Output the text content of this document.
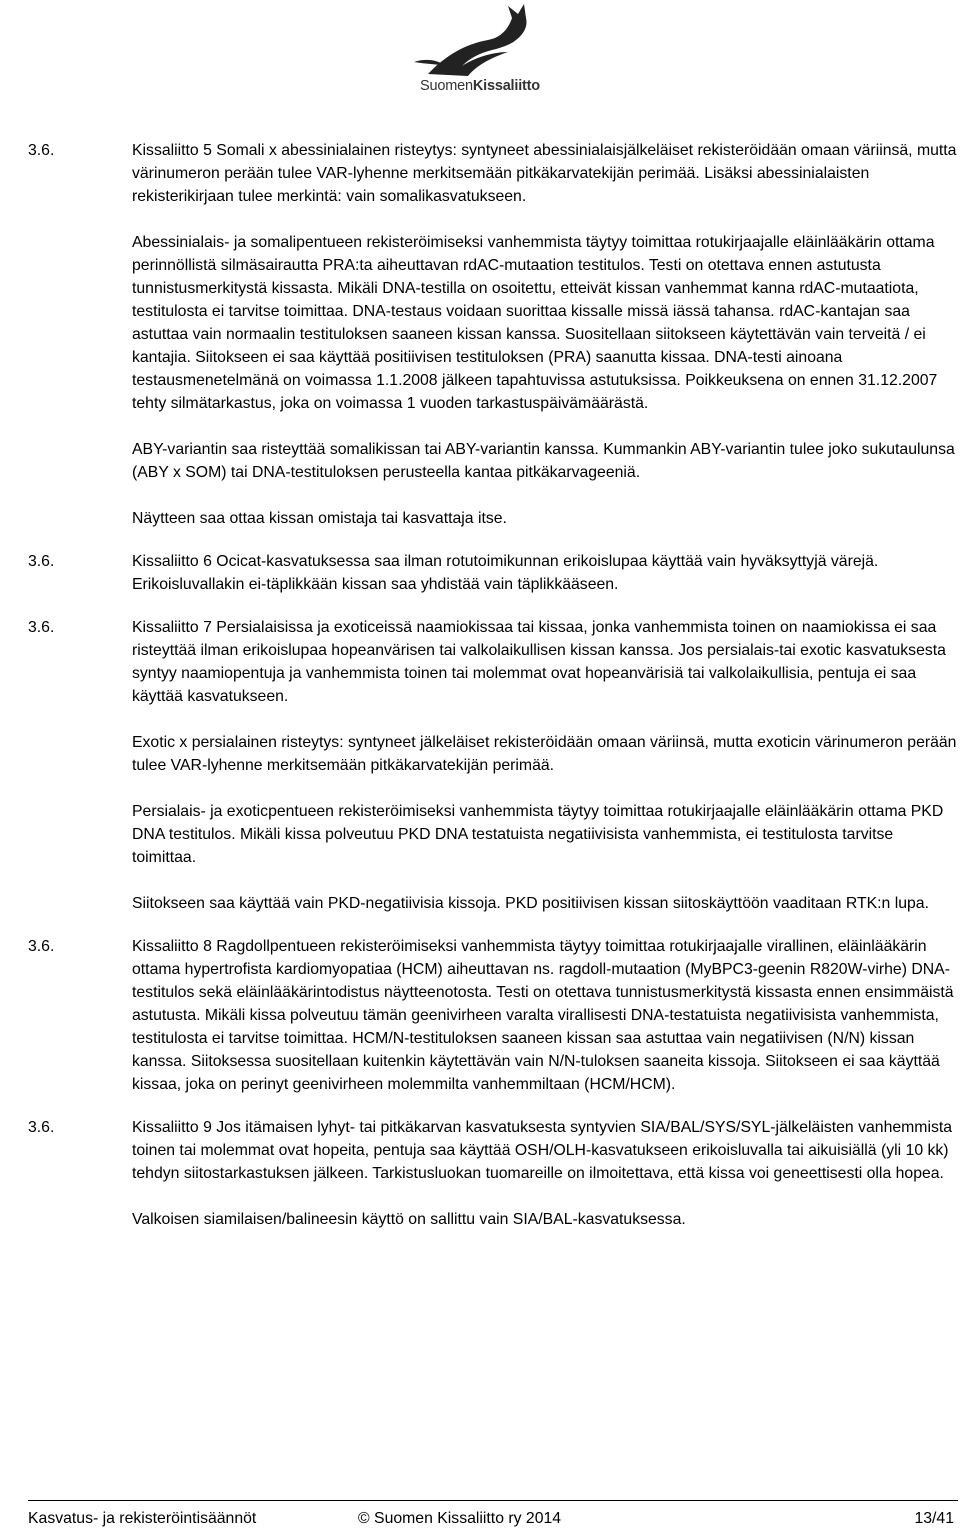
SuomenKissaliitto
3.6.	Kissaliitto 5 Somali x abessinialainen risteytys: syntyneet abessinialaisjälkeläiset rekisteröidään omaan väriinsä, mutta värinumeron perään tulee VAR-lyhenne merkitsemään pitkäkarvatekijän perimää. Lisäksi abessinialaisten rekisterikirjaan tulee merkintä: vain somalikasvatukseen.

Abessinialais- ja somalipentueen rekisteröimiseksi vanhemmista täytyy toimittaa rotukirjaajalle eläinlääkärin ottama perinnöllistä silmäsairautta PRA:ta aiheuttavan rdAC-mutaation testitulos. Testi on otettava ennen astutusta tunnistusmerkitystä kissasta. Mikäli DNA-testilla on osoitettu, etteivät kissan vanhemmat kanna rdAC-mutaatiota, testitulosta ei tarvitse toimittaa. DNA-testaus voidaan suorittaa kissalle missä iässä tahansa. rdAC-kantajan saa astuttaa vain normaalin testituloksen saaneen kissan kanssa. Suositellaan siitokseen käytettävän vain terveitä / ei kantajia. Siitokseen ei saa käyttää positiivisen testituloksen (PRA) saanutta kissaa. DNA-testi ainoana testausmenetelmänä on voimassa 1.1.2008 jälkeen tapahtuvissa astutuksissa. Poikkeuksena on ennen 31.12.2007 tehty silmätarkastus, joka on voimassa 1 vuoden tarkastuspäivämäärästä.

ABY-variantin saa risteyttää somalikissan tai ABY-variantin kanssa. Kummankin ABY-variantin tulee joko sukutaulunsa (ABY x SOM) tai DNA-testituloksen perusteella kantaa pitkäkarvageeniä.

Näytteen saa ottaa kissan omistaja tai kasvattaja itse.

3.6.	Kissaliitto 6 Ocicat-kasvatuksessa saa ilman rotutoimikunnan erikoislupaa käyttää vain hyväksyttyjä värejä. Erikoisluvallakin ei-täplikkään kissan saa yhdistää vain täplikkääseen.

3.6.	Kissaliitto 7 Persialaisissa ja exoticeissä naamiokissaa tai kissaa, jonka vanhemmista toinen on naamiokissa ei saa risteyttää ilman erikoislupaa hopeanvärisen tai valkolaikullisen kissan kanssa. Jos persialais-tai exotic kasvatuksesta syntyy naamiopentuja ja vanhemmista toinen tai molemmat ovat hopeanvärisiä tai valkolaikullisia, pentuja ei saa käyttää kasvatukseen.

Exotic x persialainen risteytys: syntyneet jälkeläiset rekisteröidään omaan väriinsä, mutta exoticin värinumeron perään tulee VAR-lyhenne merkitsemään pitkäkarvatekijän perimää.

Persialais- ja exoticpentueen rekisteröimiseksi vanhemmista täytyy toimittaa rotukirjaajalle eläinlääkärin ottama PKD DNA testitulos. Mikäli kissa polveutuu PKD DNA testatuista negatiivisista vanhemmista, ei testitulosta tarvitse toimittaa.

Siitokseen saa käyttää vain PKD-negatiivisia kissoja. PKD positiivisen kissan siitoskäyttöön vaaditaan RTK:n lupa.

3.6.	Kissaliitto 8 Ragdollpentueen rekisteröimiseksi vanhemmista täytyy toimittaa rotukirjaajalle virallinen, eläinlääkärin ottama hypertrofista kardiomyopatiaa (HCM) aiheuttavan ns. ragdoll-mutaation (MyBPC3-geenin R820W-virhe) DNA-testitulos sekä eläinlääkärintodistus näytteenotosta. Testi on otettava tunnistusmerkitystä kissasta ennen ensimmäistä astutusta. Mikäli kissa polveutuu tämän geenivirheen varalta virallisesti DNA-testatuista negatiivisista vanhemmista, testitulosta ei tarvitse toimittaa. HCM/N-testituloksen saaneen kissan saa astuttaa vain negatiivisen (N/N) kissan kanssa. Siitoksessa suositellaan kuitenkin käytettävän vain N/N-tuloksen saaneita kissoja. Siitokseen ei saa käyttää kissaa, joka on perinyt geenivirheen molemmilta vanhemmiltaan (HCM/HCM).

3.6.	Kissaliitto 9 Jos itämaisen lyhyt- tai pitkäkarvan kasvatuksesta syntyvien SIA/BAL/SYS/SYL-jälkeläisten vanhemmista toinen tai molemmat ovat hopeita, pentuja saa käyttää OSH/OLH-kasvatukseen erikoisluvalla tai aikuisiällä (yli 10 kk) tehdyn siitostarkastuksen jälkeen. Tarkistusluokan tuomareille on ilmoitettava, että kissa voi geneettisesti olla hopea.

Valkoisen siamilaisen/balineesin käyttö on sallittu vain SIA/BAL-kasvatuksessa.

Kasvatus- ja rekisteröintisäännöt	© Suomen Kissaliitto ry 2014	13/41
